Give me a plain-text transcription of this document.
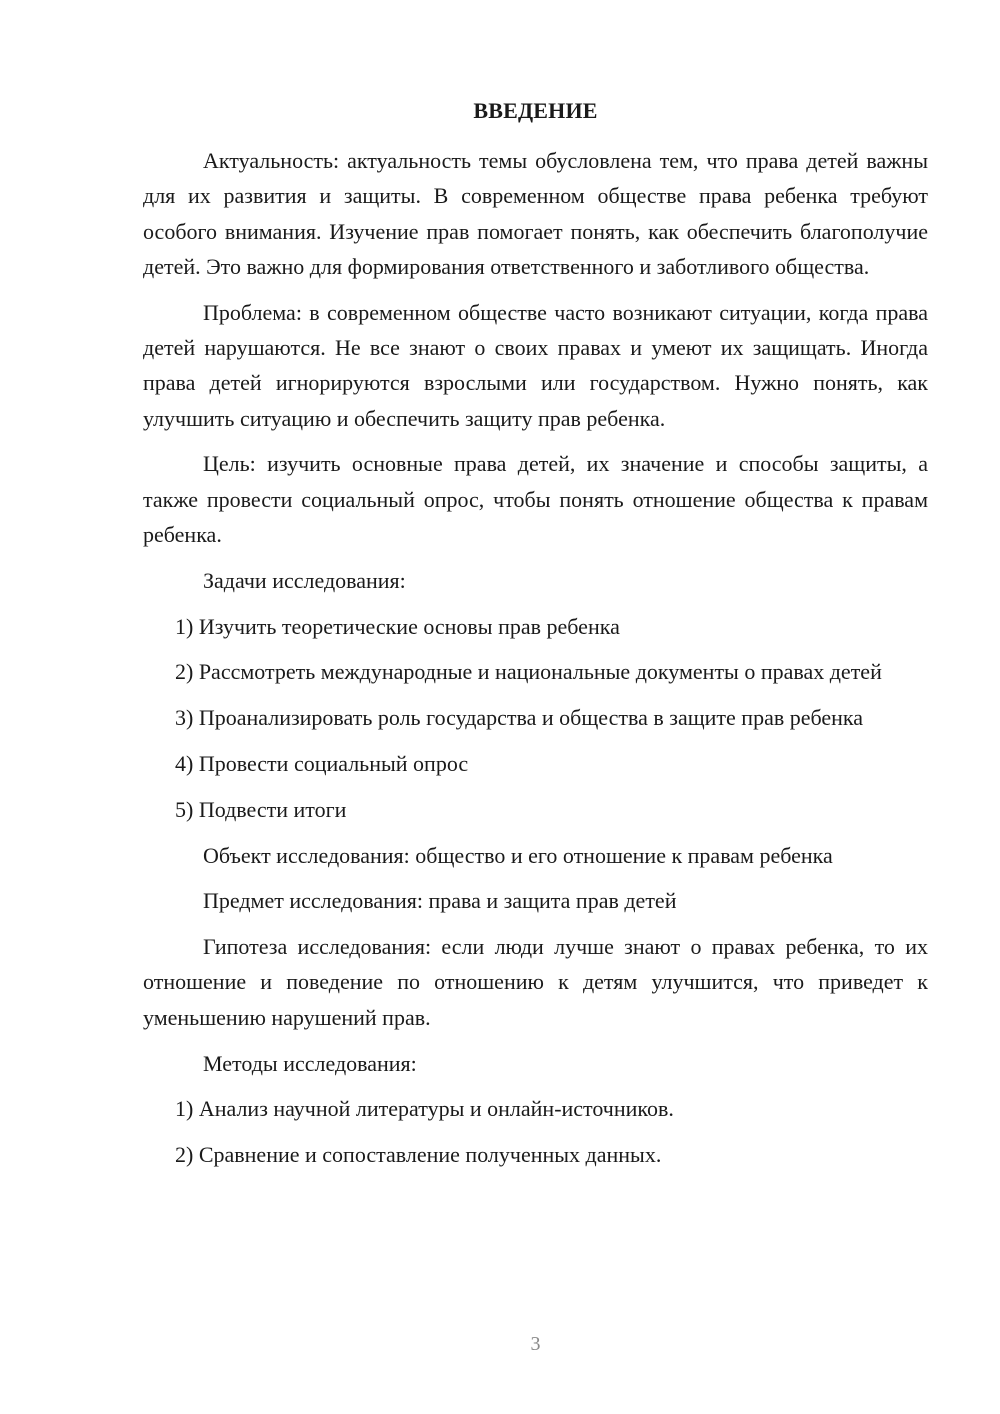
ВВЕДЕНИЕ

Актуальность: актуальность темы обусловлена тем, что права детей важны для их развития и защиты. В современном обществе права ребенка требуют особого внимания. Изучение прав помогает понять, как обеспечить благополучие детей. Это важно для формирования ответственного и заботливого общества.

Проблема: в современном обществе часто возникают ситуации, когда права детей нарушаются. Не все знают о своих правах и умеют их защищать. Иногда права детей игнорируются взрослыми или государством. Нужно понять, как улучшить ситуацию и обеспечить защиту прав ребенка.

Цель: изучить основные права детей, их значение и способы защиты, а также провести социальный опрос, чтобы понять отношение общества к правам ребенка.

Задачи исследования:

1) Изучить теоретические основы прав ребенка

2) Рассмотреть международные и национальные документы о правах детей

3) Проанализировать роль государства и общества в защите прав ребенка

4) Провести социальный опрос

5) Подвести итоги

Объект исследования: общество и его отношение к правам ребенка

Предмет исследования: права и защита прав детей

Гипотеза исследования: если люди лучше знают о правах ребенка, то их отношение и поведение по отношению к детям улучшится, что приведет к уменьшению нарушений прав.

Методы исследования:

1) Анализ научной литературы и онлайн-источников.

2) Сравнение и сопоставление полученных данных.

3
